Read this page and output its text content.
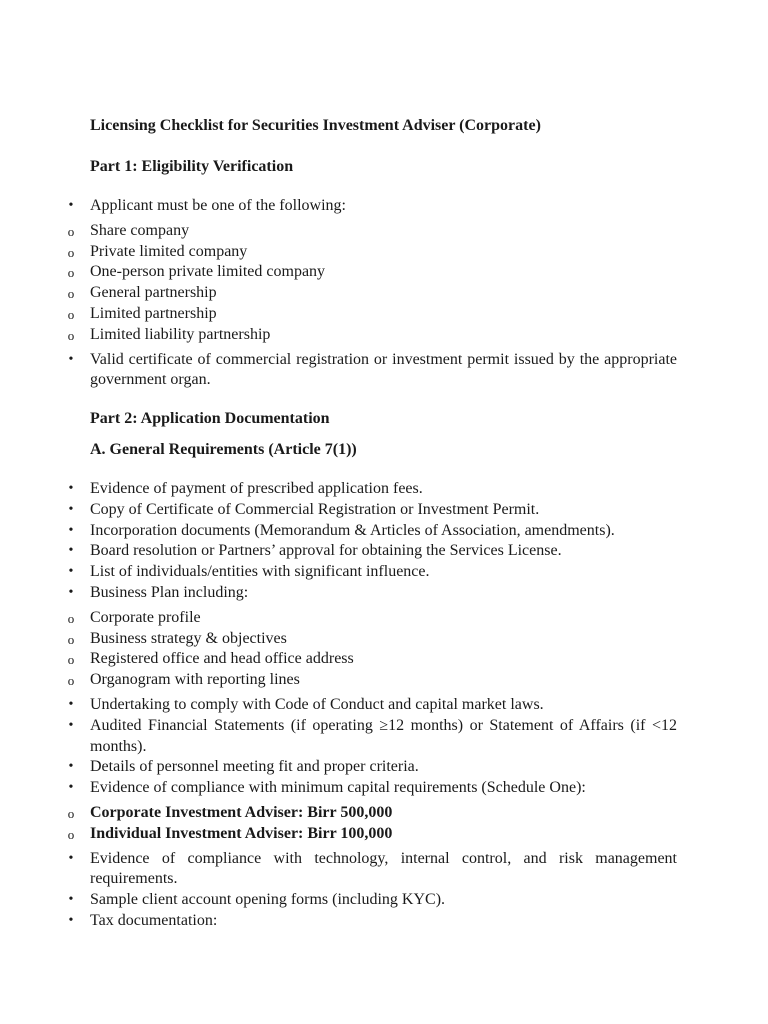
Licensing Checklist for Securities Investment Adviser (Corporate)
Part 1: Eligibility Verification
• Applicant must be one of the following:
o Share company
o Private limited company
o One-person private limited company
o General partnership
o Limited partnership
o Limited liability partnership
• Valid certificate of commercial registration or investment permit issued by the appropriate government organ.
Part 2: Application Documentation
A. General Requirements (Article 7(1))
• Evidence of payment of prescribed application fees.
• Copy of Certificate of Commercial Registration or Investment Permit.
• Incorporation documents (Memorandum & Articles of Association, amendments).
• Board resolution or Partners’ approval for obtaining the Services License.
• List of individuals/entities with significant influence.
• Business Plan including:
o Corporate profile
o Business strategy & objectives
o Registered office and head office address
o Organogram with reporting lines
• Undertaking to comply with Code of Conduct and capital market laws.
• Audited Financial Statements (if operating ≥12 months) or Statement of Affairs (if <12 months).
• Details of personnel meeting fit and proper criteria.
• Evidence of compliance with minimum capital requirements (Schedule One):
o Corporate Investment Adviser: Birr 500,000
o Individual Investment Adviser: Birr 100,000
• Evidence of compliance with technology, internal control, and risk management requirements.
• Sample client account opening forms (including KYC).
• Tax documentation:
